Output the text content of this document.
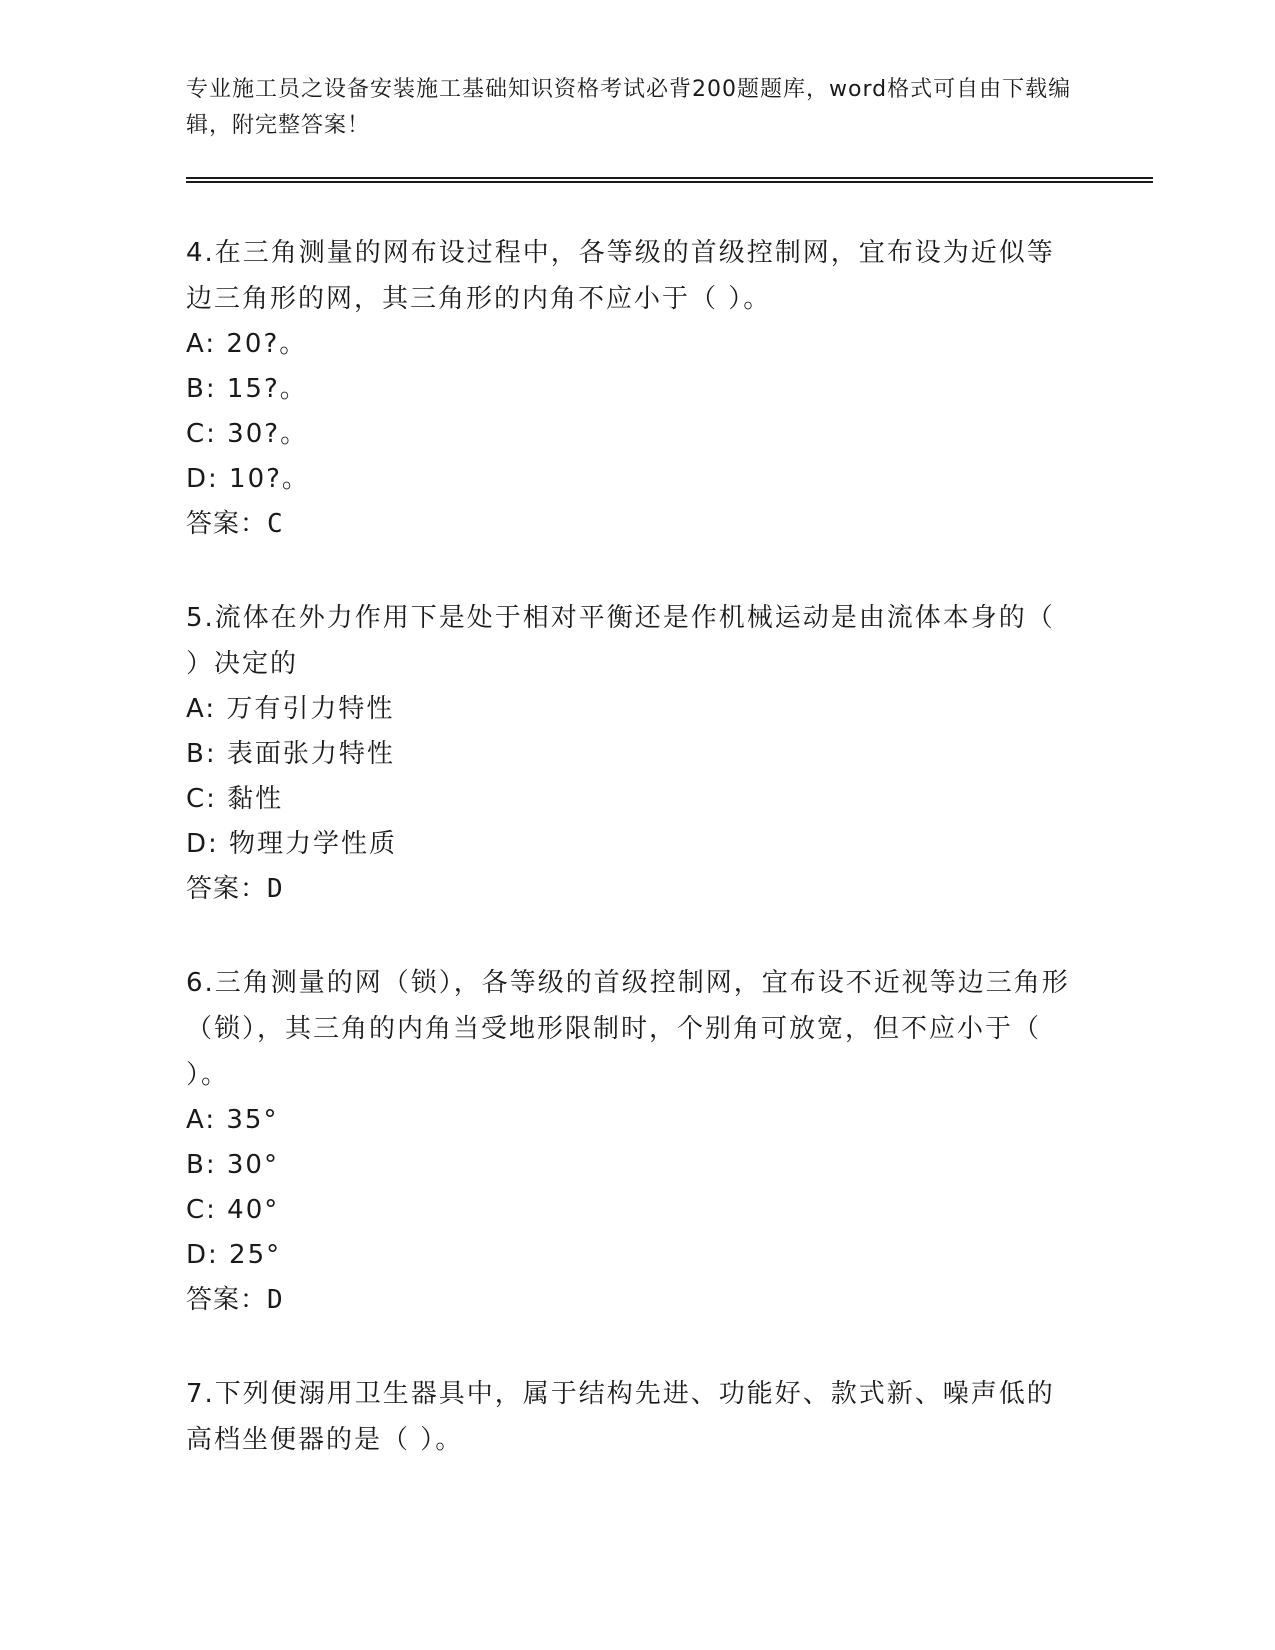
专业施工员之设备安装施工基础知识资格考试必背200题题库，word格式可自由下载编辑，附完整答案！

4.在三角测量的网布设过程中，各等级的首级控制网，宜布设为近似等边三角形的网，其三角形的内角不应小于（ ）。

A: 20?。

B: 15?。

C: 30?。

D: 10?。

答案：C

5.流体在外力作用下是处于相对平衡还是作机械运动是由流体本身的（ ）决定的

A: 万有引力特性

B: 表面张力特性

C: 黏性

D: 物理力学性质

答案：D

6.三角测量的网（锁），各等级的首级控制网，宜布设不近视等边三角形（锁），其三角的内角当受地形限制时，个别角可放宽，但不应小于（ ）。

A: 35°

B: 30°

C: 40°

D: 25°

答案：D

7.下列便溺用卫生器具中，属于结构先进、功能好、款式新、噪声低的高档坐便器的是（ ）。
